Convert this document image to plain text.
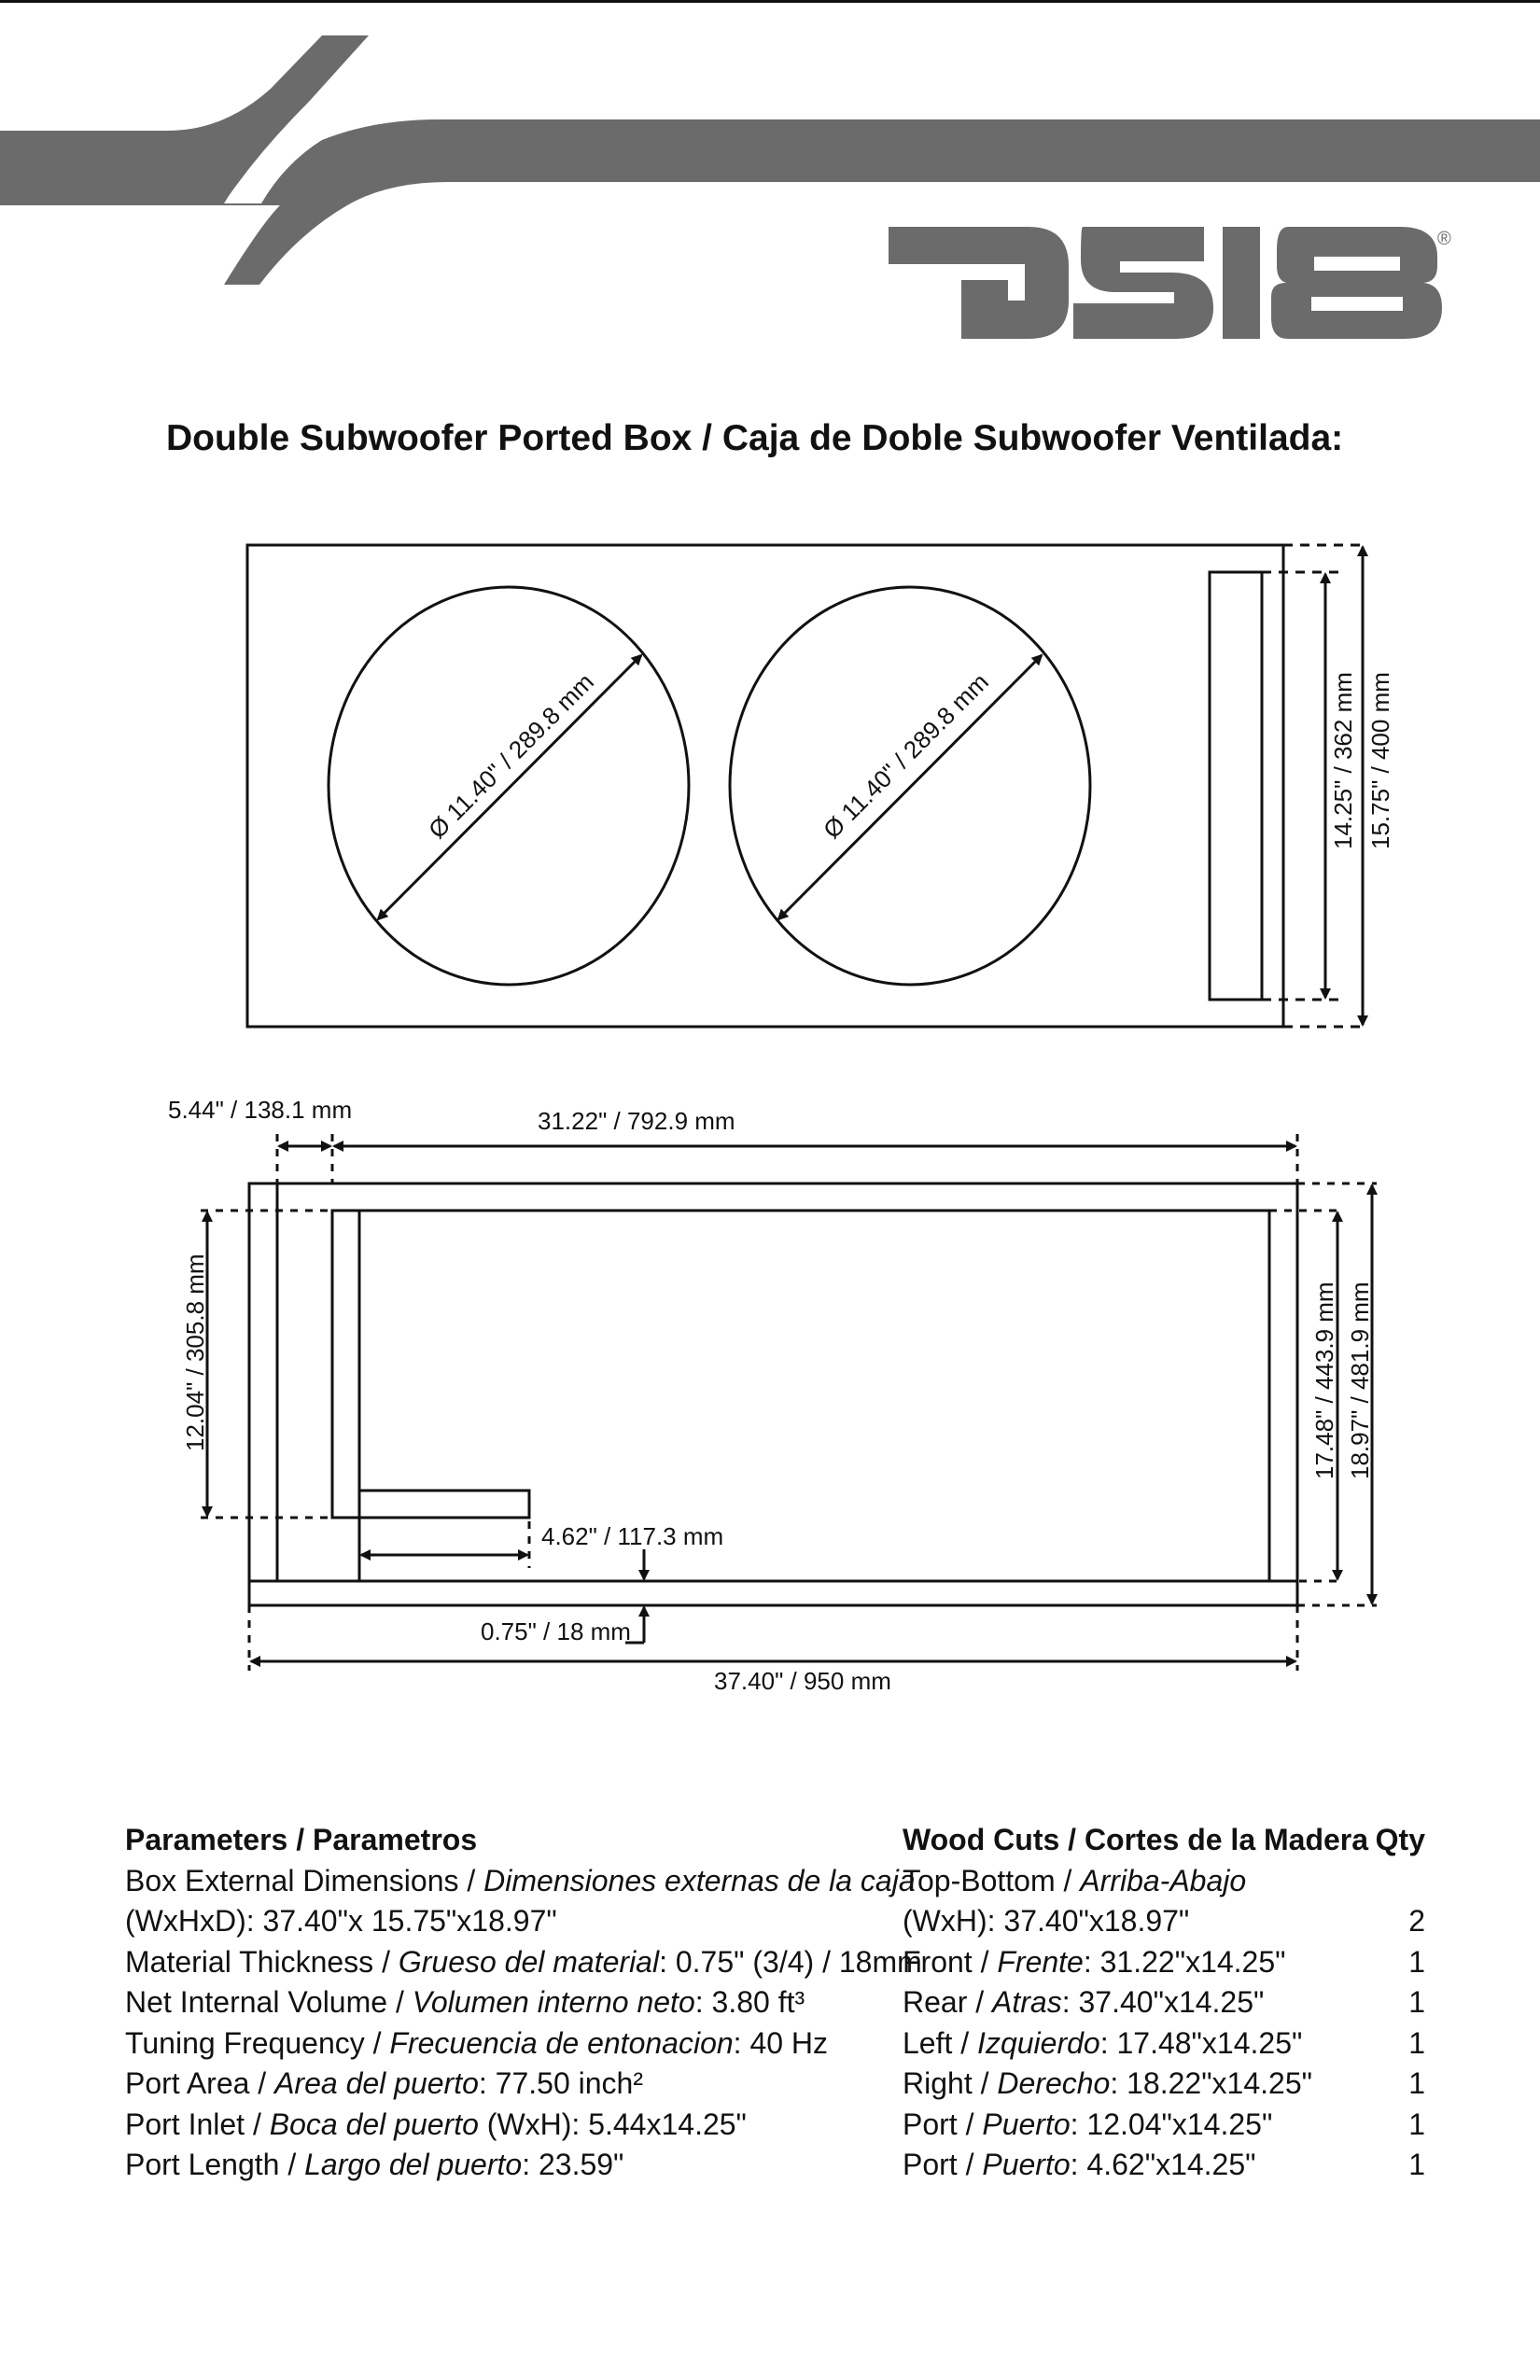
®
Double Subwoofer Ported Box / Caja de Doble Subwoofer Ventilada:
Ø 11.40" / 289.8 mm	Ø 11.40" / 289.8 mm	14.25" / 362 mm 15.75" / 400 mm
5.44" / 138.1 mm	31.22" / 792.9 mm
12.04" / 305.8 mm	17.48" / 443.9 mm 18.97" / 481.9 mm
4.62" / 117.3 mm
0.75" / 18 mm
37.40" / 950 mm
Parameters / Parametros
Box External Dimensions / Dimensiones externas de la caja
(WxHxD): 37.40"x 15.75"x18.97"
Material Thickness / Grueso del material: 0.75" (3/4) / 18mm
Net Internal Volume / Volumen interno neto: 3.80 ft³
Tuning Frequency / Frecuencia de entonacion: 40 Hz
Port Area / Area del puerto: 77.50 inch²
Port Inlet / Boca del puerto (WxH): 5.44x14.25"
Port Length / Largo del puerto: 23.59"
Wood Cuts / Cortes de la Madera Qty
Top-Bottom / Arriba-Abajo
(WxH): 37.40"x18.97"	2
Front / Frente: 31.22"x14.25"	1
Rear / Atras: 37.40"x14.25"	1
Left / Izquierdo: 17.48"x14.25"	1
Right / Derecho: 18.22"x14.25"	1
Port / Puerto: 12.04"x14.25"	1
Port / Puerto: 4.62"x14.25"	1
